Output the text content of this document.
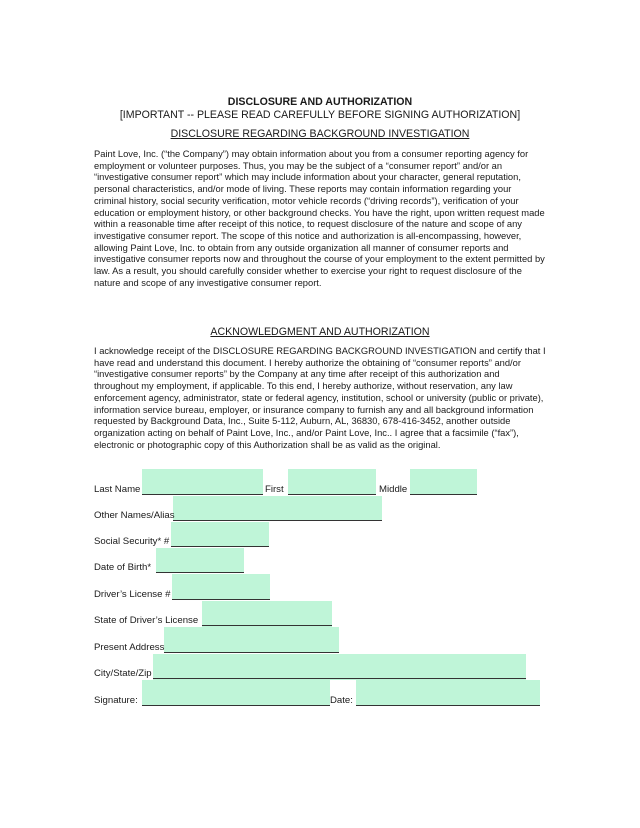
DISCLOSURE AND AUTHORIZATION
[IMPORTANT -- PLEASE READ CAREFULLY BEFORE SIGNING AUTHORIZATION]
DISCLOSURE REGARDING BACKGROUND INVESTIGATION

Paint Love, Inc. (“the Company”) may obtain information about you from a consumer reporting agency for employment or volunteer purposes. Thus, you may be the subject of a “consumer report” and/or an “investigative consumer report” which may include information about your character, general reputation, personal characteristics, and/or mode of living. These reports may contain information regarding your criminal history, social security verification, motor vehicle records (“driving records”), verification of your education or employment history, or other background checks. You have the right, upon written request made within a reasonable time after receipt of this notice, to request disclosure of the nature and scope of any investigative consumer report. The scope of this notice and authorization is all-encompassing, however, allowing Paint Love, Inc. to obtain from any outside organization all manner of consumer reports and investigative consumer reports now and throughout the course of your employment to the extent permitted by law. As a result, you should carefully consider whether to exercise your right to request disclosure of the nature and scope of any investigative consumer report.

ACKNOWLEDGMENT AND AUTHORIZATION

I acknowledge receipt of the DISCLOSURE REGARDING BACKGROUND INVESTIGATION and certify that I have read and understand this document. I hereby authorize the obtaining of “consumer reports” and/or “investigative consumer reports” by the Company at any time after receipt of this authorization and throughout my employment, if applicable. To this end, I hereby authorize, without reservation, any law enforcement agency, administrator, state or federal agency, institution, school or university (public or private), information service bureau, employer, or insurance company to furnish any and all background information requested by Background Data, Inc., Suite 5-112, Auburn, AL, 36830, 678-416-3452, another outside organization acting on behalf of Paint Love, Inc., and/or Paint Love, Inc.. I agree that a facsimile (“fax”), electronic or photographic copy of this Authorization shall be as valid as the original.

Last Name	First	Middle
Other Names/Alias
Social Security* #
Date of Birth*
Driver’s License #
State of Driver’s License
Present Address
City/State/Zip
Signature:	Date:
